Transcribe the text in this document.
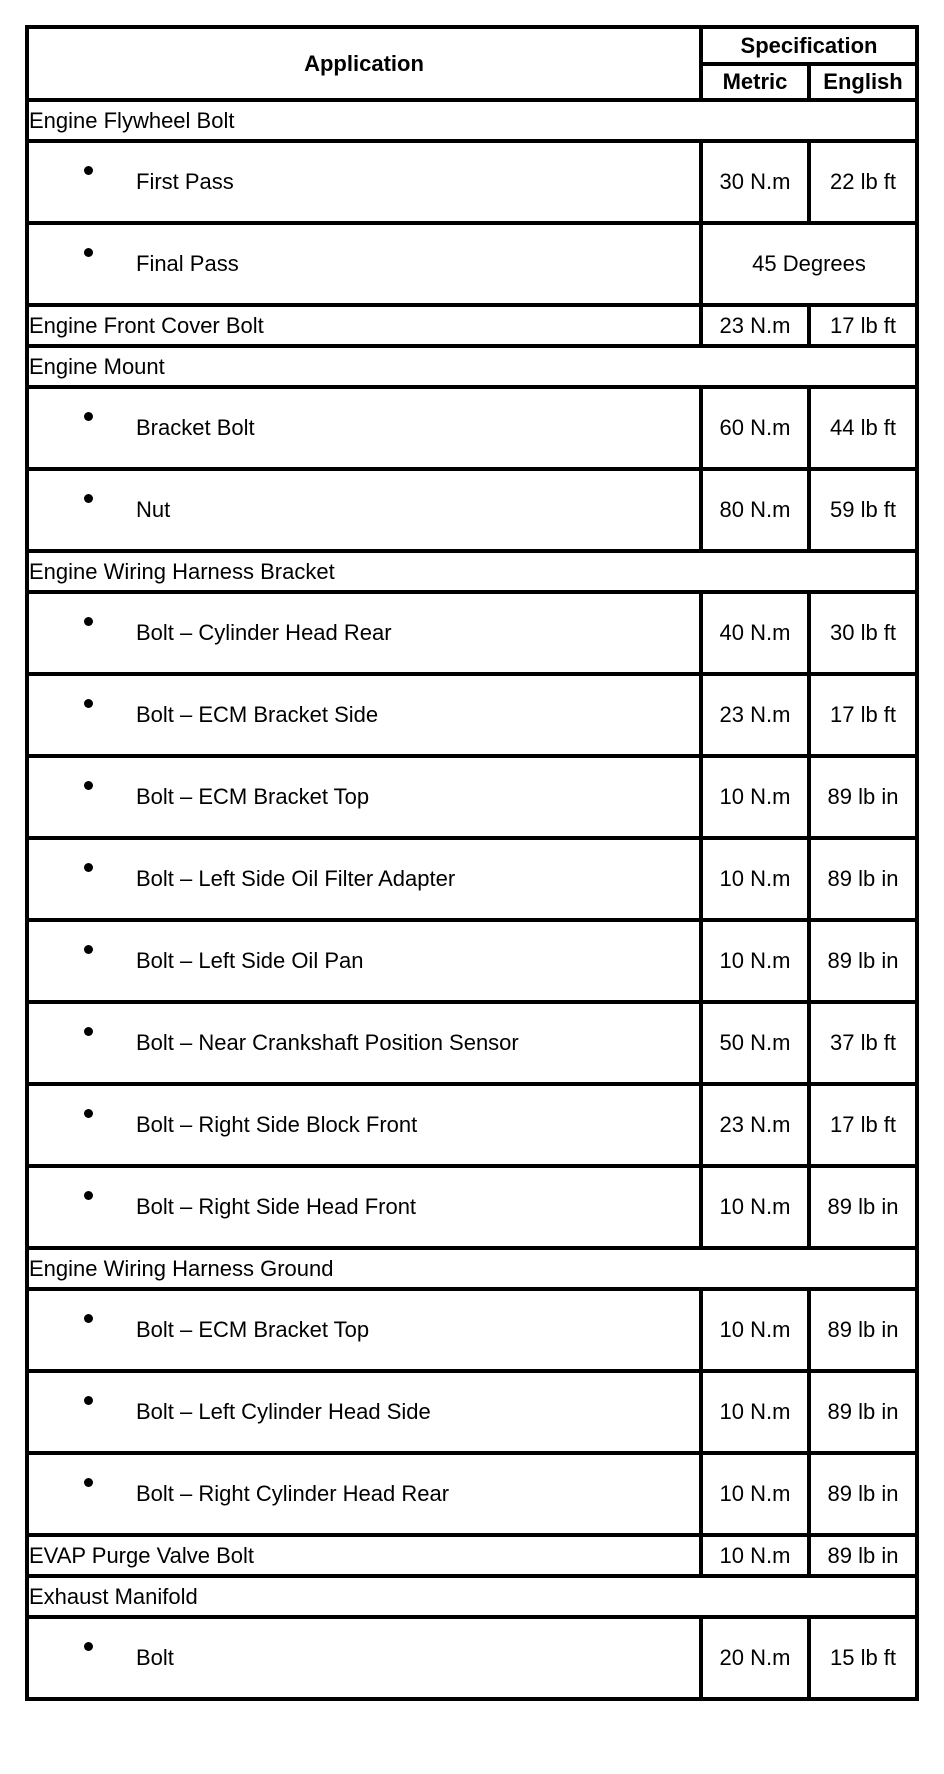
Application	Specification	
	Metric	English
Engine Flywheel Bolt		

First Pass	30 N.m	22 lb ft

Final Pass	45 Degrees	
Engine Front Cover Bolt	23 N.m	17 lb ft
Engine Mount		

Bracket Bolt	60 N.m	44 lb ft

Nut	80 N.m	59 lb ft
Engine Wiring Harness Bracket		

Bolt – Cylinder Head Rear	40 N.m	30 lb ft

Bolt – ECM Bracket Side	23 N.m	17 lb ft

Bolt – ECM Bracket Top	10 N.m	89 lb in

Bolt – Left Side Oil Filter Adapter	10 N.m	89 lb in

Bolt – Left Side Oil Pan	10 N.m	89 lb in

Bolt – Near Crankshaft Position Sensor	50 N.m	37 lb ft

Bolt – Right Side Block Front	23 N.m	17 lb ft

Bolt – Right Side Head Front	10 N.m	89 lb in
Engine Wiring Harness Ground		

Bolt – ECM Bracket Top	10 N.m	89 lb in

Bolt – Left Cylinder Head Side	10 N.m	89 lb in

Bolt – Right Cylinder Head Rear	10 N.m	89 lb in
EVAP Purge Valve Bolt	10 N.m	89 lb in
Exhaust Manifold		

Bolt	20 N.m	15 lb ft
